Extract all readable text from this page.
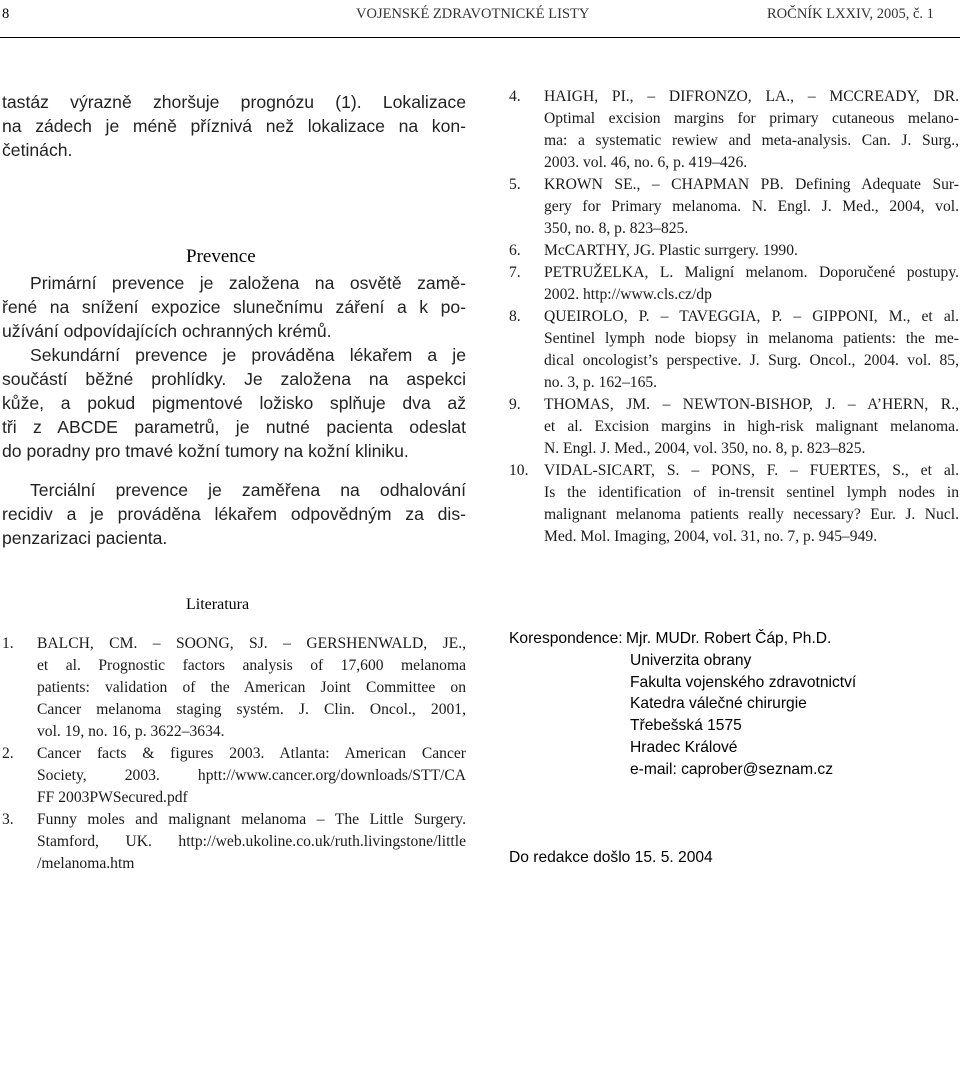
8	VOJENSKÉ ZDRAVOTNICKÉ LISTY	ROČNÍK LXXIV, 2005, č. 1
tastáz výrazně zhoršuje prognózu (1). Lokalizace
na zádech je méně příznivá než lokalizace na kon-
četinách.
Prevence
Primární prevence je založena na osvětě zamě-
řené na snížení expozice slunečnímu záření a k po-
užívání odpovídajících ochranných krémů.
Sekundární prevence je prováděna lékařem a je
součástí běžné prohlídky. Je založena na aspekci
kůže, a pokud pigmentové ložisko splňuje dva až
tři z ABCDE parametrů, je nutné pacienta odeslat
do poradny pro tmavé kožní tumory na kožní kliniku.
Terciální prevence je zaměřena na odhalování
recidiv a je prováděna lékařem odpovědným za dis-
penzarizaci pacienta.
4. HAIGH, PI., – DIFRONZO, LA., – MCCREADY, DR.
Optimal excision margins for primary cutaneous melano-
ma: a systematic rewiew and meta-analysis. Can. J. Surg.,
2003. vol. 46, no. 6, p. 419–426.
5. KROWN SE., – CHAPMAN PB. Defining Adequate Sur-
gery for Primary melanoma. N. Engl. J. Med., 2004, vol.
350, no. 8, p. 823–825.
6. McCARTHY, JG. Plastic surrgery. 1990.
7. PETRUŽELKA, L. Maligní melanom. Doporučené postupy.
2002. http://www.cls.cz/dp
8. QUEIROLO, P. – TAVEGGIA, P. – GIPPONI, M., et al.
Sentinel lymph node biopsy in melanoma patients: the me-
dical oncologist’s perspective. J. Surg. Oncol., 2004. vol. 85,
no. 3, p. 162–165.
9. THOMAS, JM. – NEWTON-BISHOP, J. – A’HERN, R.,
et al. Excision margins in high-risk malignant melanoma.
N. Engl. J. Med., 2004, vol. 350, no. 8, p. 823–825.
10. VIDAL-SICART, S. – PONS, F. – FUERTES, S., et al.
Is the identification of in-trensit sentinel lymph nodes in
malignant melanoma patients really necessary? Eur. J. Nucl.
Med. Mol. Imaging, 2004, vol. 31, no. 7, p. 945–949.
Literatura
1. BALCH, CM. – SOONG, SJ. – GERSHENWALD, JE.,
et al. Prognostic factors analysis of 17,600 melanoma
patients: validation of the American Joint Committee on
Cancer melanoma staging systém. J. Clin. Oncol., 2001,
vol. 19, no. 16, p. 3622–3634.
2. Cancer facts & figures 2003. Atlanta: American Cancer
Society, 2003. hptt://www.cancer.org/downloads/STT/CA
FF 2003PWSecured.pdf
3. Funny moles and malignant melanoma – The Little Surgery.
Stamford, UK. http://web.ukoline.co.uk/ruth.livingstone/little
/melanoma.htm
Korespondence: Mjr. MUDr. Robert Čáp, Ph.D.
Univerzita obrany
Fakulta vojenského zdravotnictví
Katedra válečné chirurgie
Třebešská 1575
Hradec Králové
e-mail: caprober@seznam.cz
Do redakce došlo 15. 5. 2004
